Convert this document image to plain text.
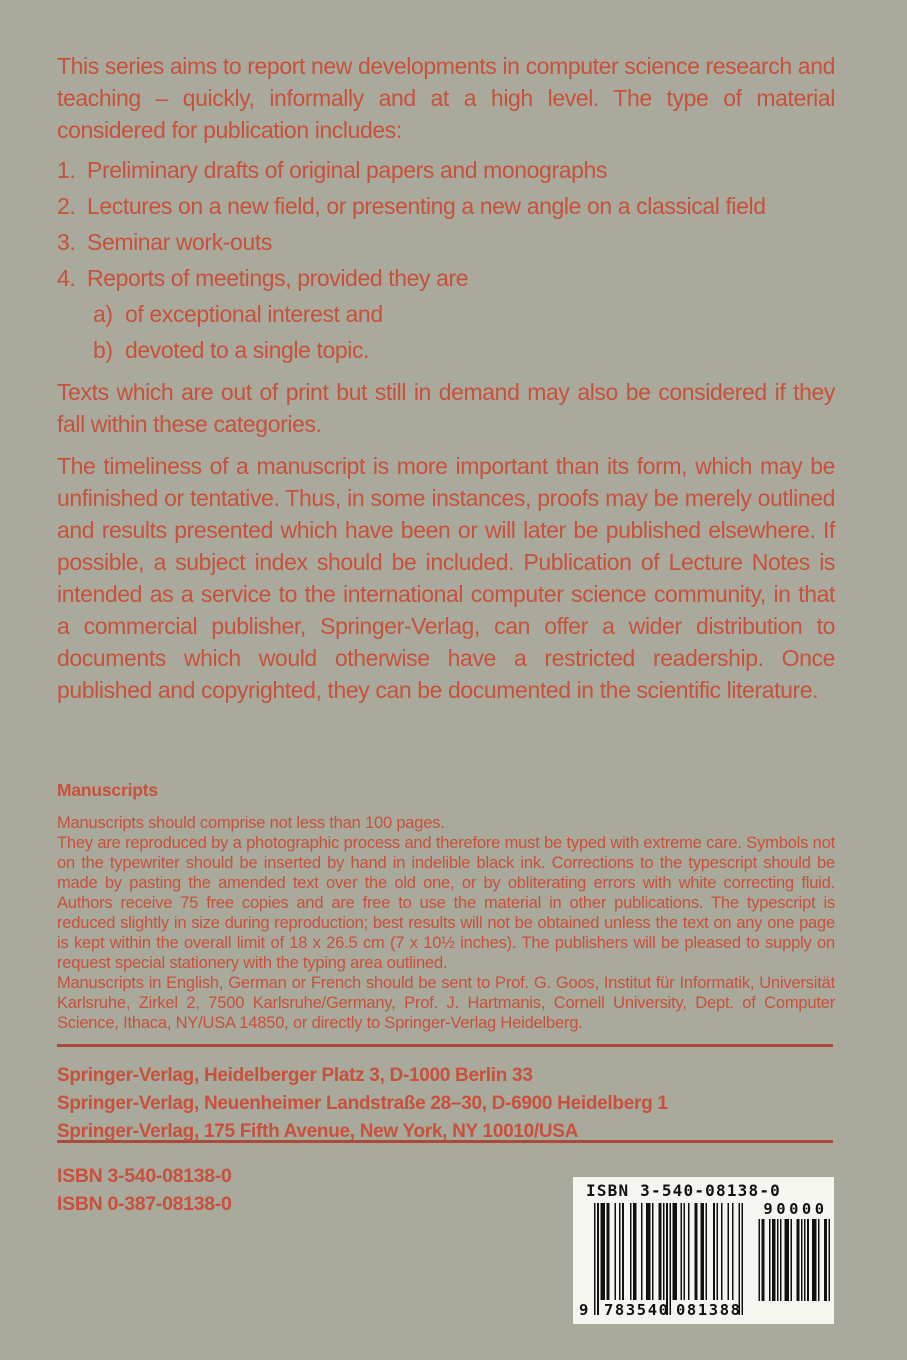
This series aims to report new developments in computer science research and teaching – quickly, informally and at a high level. The type of material considered for publication includes:

1. Preliminary drafts of original papers and monographs
2. Lectures on a new field, or presenting a new angle on a classical field
3. Seminar work-outs
4. Reports of meetings, provided they are
a) of exceptional interest and
b) devoted to a single topic.

Texts which are out of print but still in demand may also be considered if they fall within these categories.

The timeliness of a manuscript is more important than its form, which may be unfinished or tentative. Thus, in some instances, proofs may be merely outlined and results presented which have been or will later be published elsewhere. If possible, a subject index should be included. Publication of Lecture Notes is intended as a service to the international computer science community, in that a commercial publisher, Springer-Verlag, can offer a wider distribution to documents which would otherwise have a restricted readership. Once published and copyrighted, they can be documented in the scientific literature.

Manuscripts

Manuscripts should comprise not less than 100 pages.

They are reproduced by a photographic process and therefore must be typed with extreme care. Symbols not on the typewriter should be inserted by hand in indelible black ink. Corrections to the typescript should be made by pasting the amended text over the old one, or by obliterating errors with white correcting fluid. Authors receive 75 free copies and are free to use the material in other publications. The typescript is reduced slightly in size during reproduction; best results will not be obtained unless the text on any one page is kept within the overall limit of 18 x 26.5 cm (7 x 10½ inches). The publishers will be pleased to supply on request special stationery with the typing area outlined.

Manuscripts in English, German or French should be sent to Prof. G. Goos, Institut für Informatik, Universität Karlsruhe, Zirkel 2, 7500 Karlsruhe/Germany, Prof. J. Hartmanis, Cornell University, Dept. of Computer Science, Ithaca, NY/USA 14850, or directly to Springer-Verlag Heidelberg.

Springer-Verlag, Heidelberger Platz 3, D-1000 Berlin 33
Springer-Verlag, Neuenheimer Landstraße 28–30, D-6900 Heidelberg 1
Springer-Verlag, 175 Fifth Avenue, New York, NY 10010/USA
ISBN 3-540-08138-0
ISBN 0-387-08138-0
ISBN 3-540-08138-0
9 783540 081388
90000
